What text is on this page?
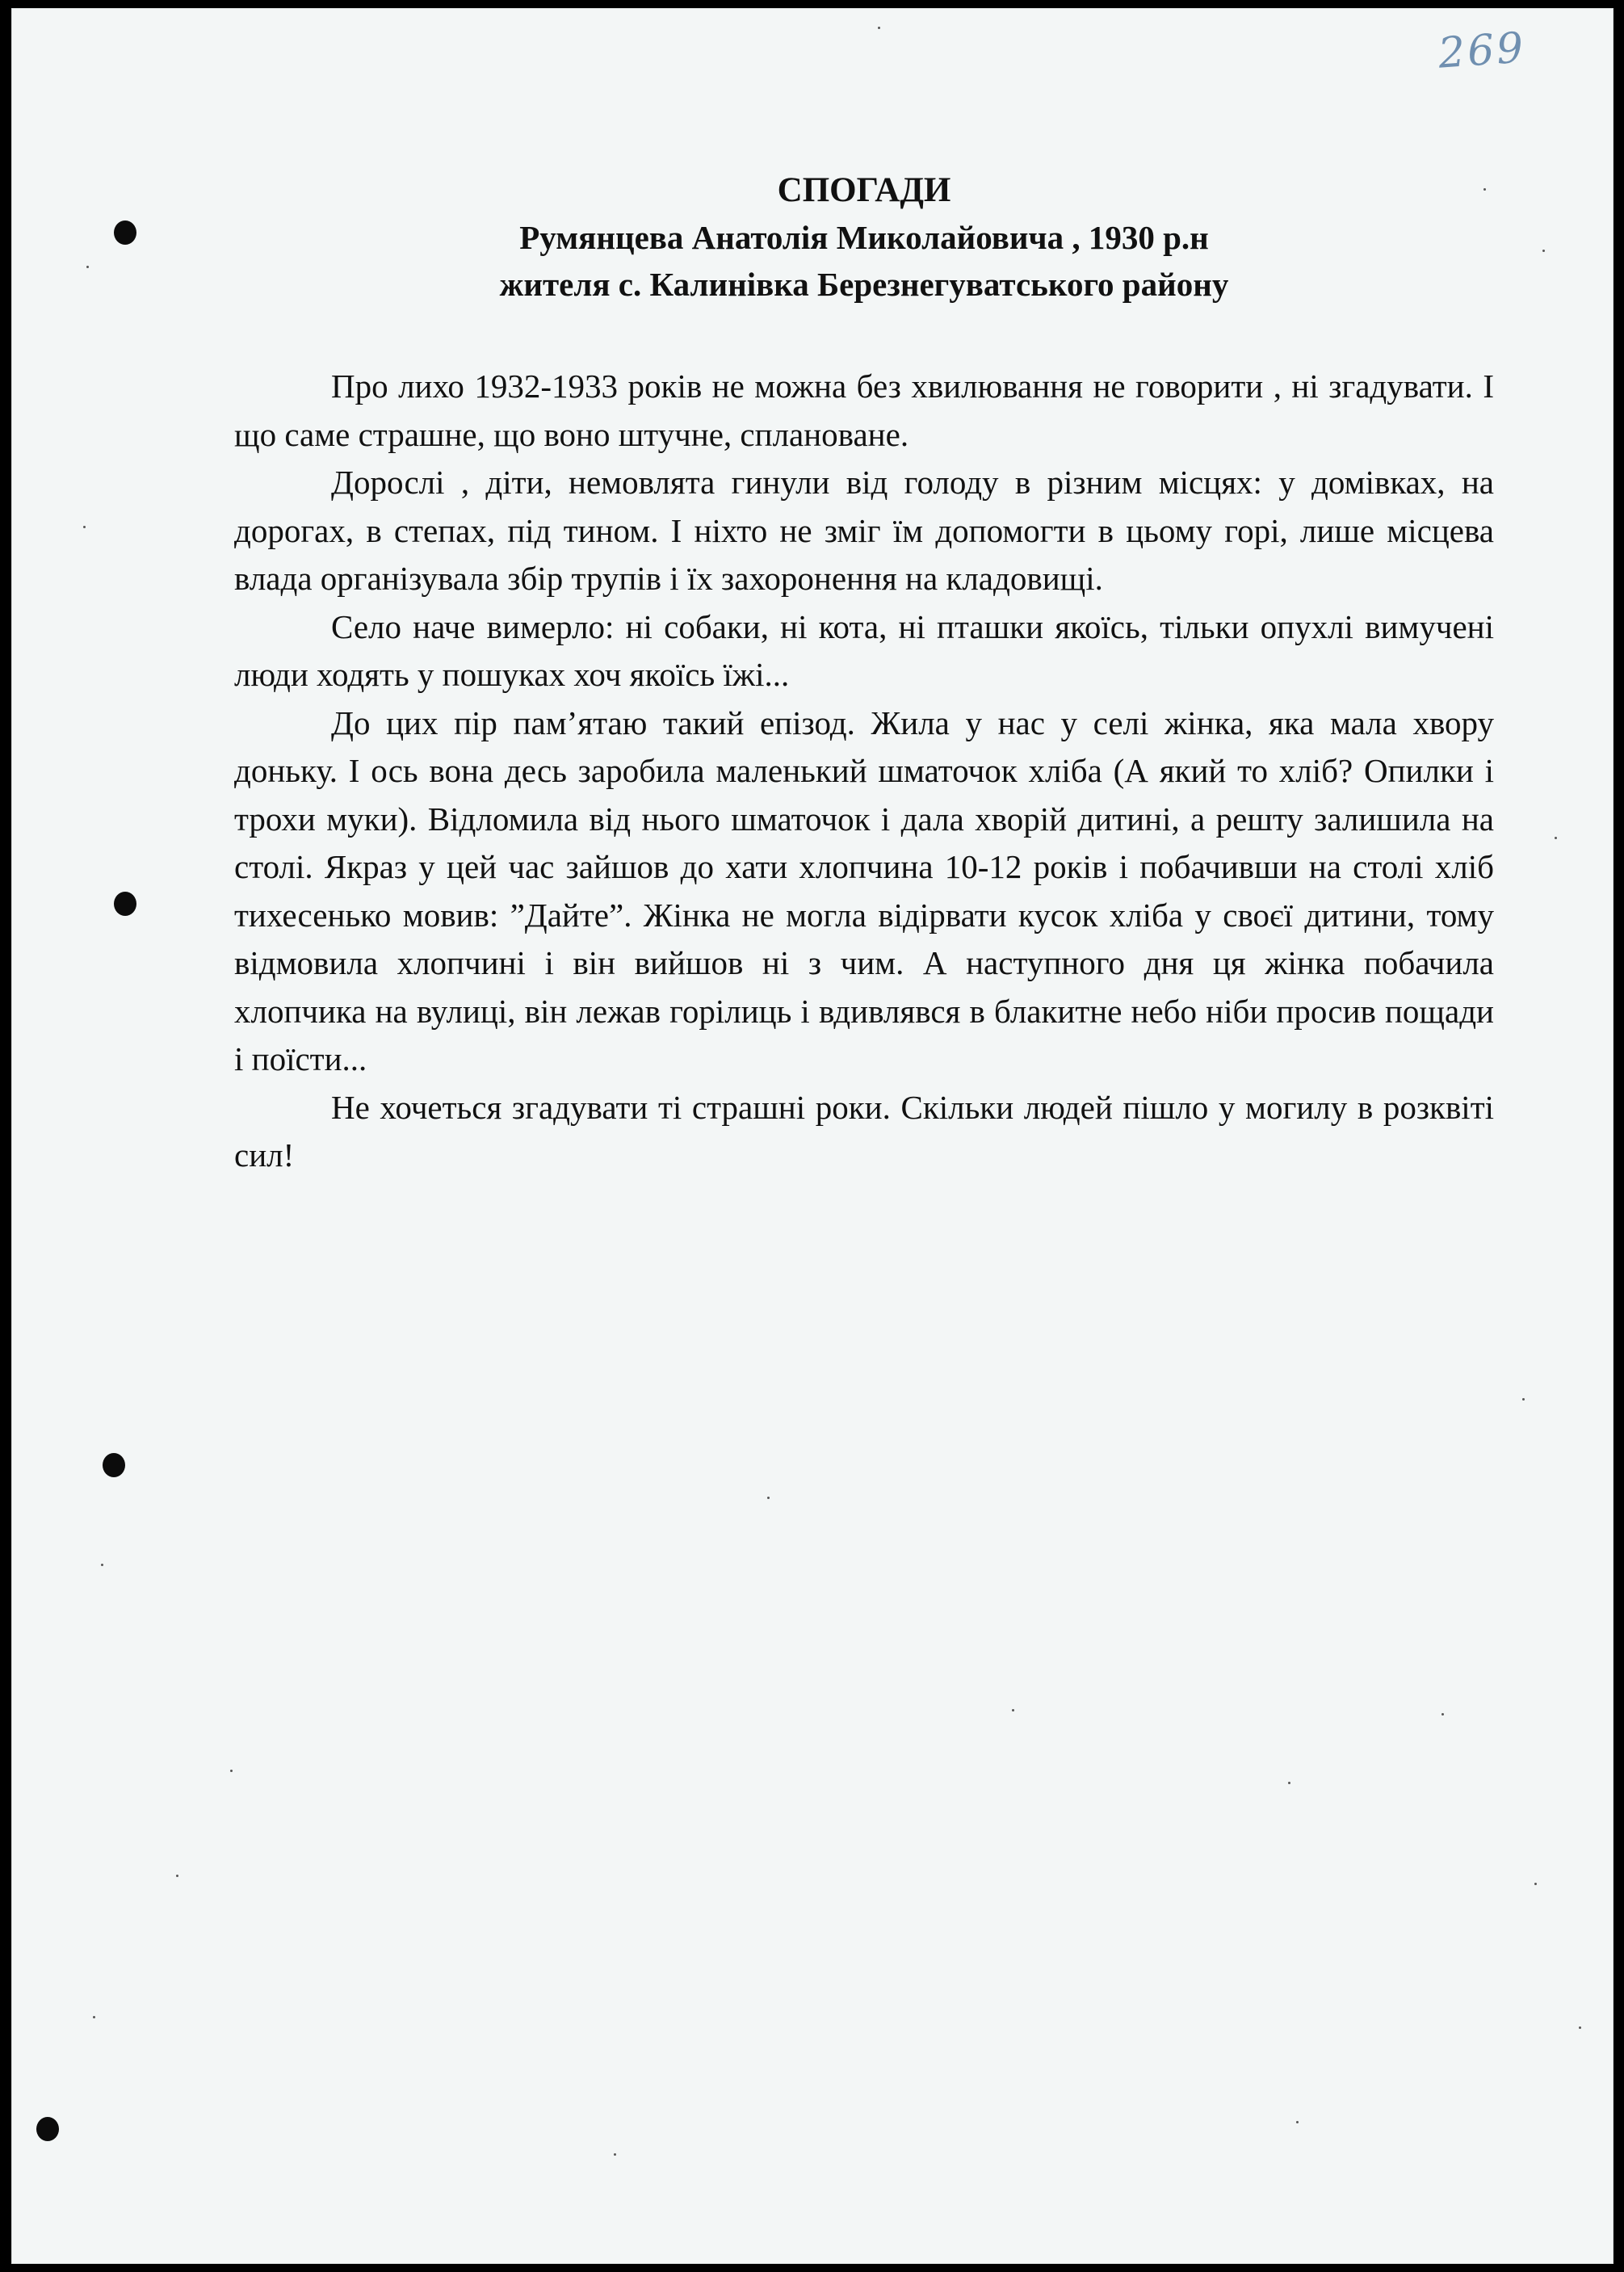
269
СПОГАДИ
Румянцева Анатолія Миколайовича , 1930 р.н
жителя с. Калинівка Березнегуватського району

Про лихо 1932-1933 років не можна без хвилювання не говорити , ні згадувати. І що саме страшне, що воно штучне, сплановане.

Дорослі , діти, немовлята гинули від голоду в різним місцях: у домівках, на дорогах, в степах, під тином. І ніхто не зміг їм допомогти в цьому горі, лише місцева влада організувала збір трупів і їх захоронення на кладовищі.

Село наче вимерло: ні собаки, ні кота, ні пташки якоїсь, тільки опухлі вимучені люди ходять у пошуках хоч якоїсь їжі...

До цих пір пам’ятаю такий епізод. Жила у нас у селі жінка, яка мала хвору доньку. І ось вона десь заробила маленький шматочок хліба (А який то хліб? Опилки і трохи муки). Відломила від нього шматочок і дала хворій дитині, а решту залишила на столі. Якраз у цей час зайшов до хати хлопчина 10-12 років і побачивши на столі хліб тихесенько мовив: ”Дайте”. Жінка не могла відірвати кусок хліба у своєї дитини, тому відмовила хлопчині і він вийшов ні з чим. А наступного дня ця жінка побачила хлопчика на вулиці, він лежав горілиць і вдивлявся в блакитне небо ніби просив пощади і поїсти...

Не хочеться згадувати ті страшні роки. Скільки людей пішло у могилу в розквіті сил!
